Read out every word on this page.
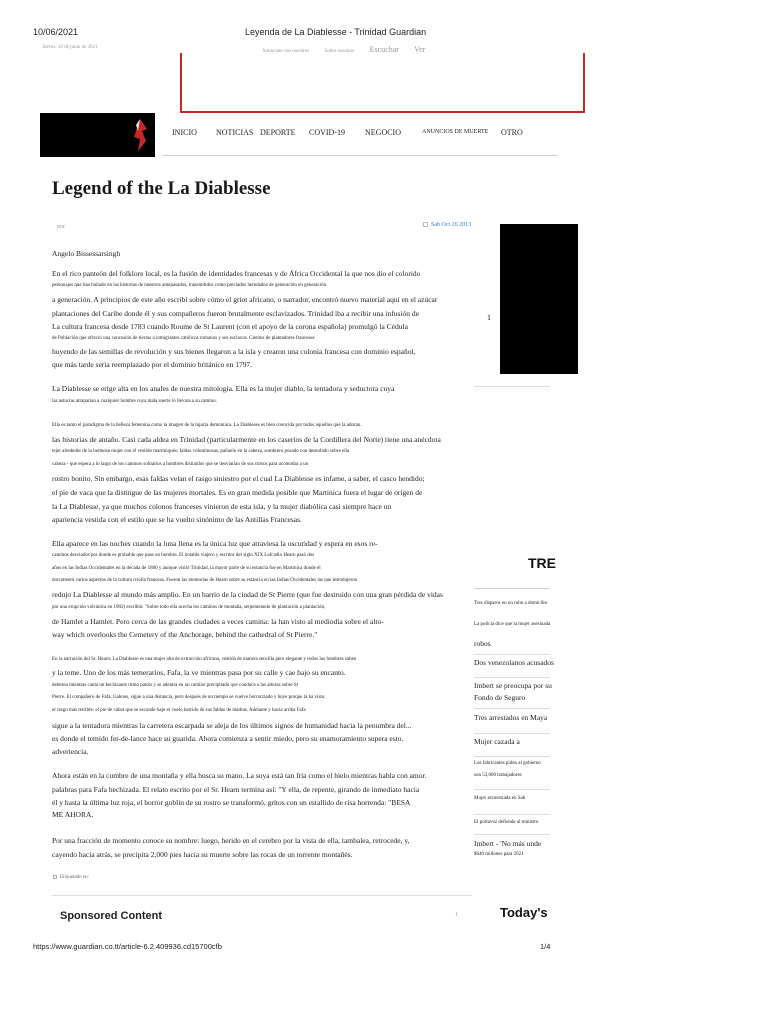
10/06/2021	Leyenda de La Diablesse - Trinidad Guardian
Jueves, 10 de junio de 2021
Anúnciate con nosotros	Sobre nosotros Escuchar Ver
INICIO NOTICIAS DEPORTE COVID-19	NEGOCIO	ANUNCIOS DE MUERTE OTRO
Legend of the La Diablesse
por	Sab Oct 26 2013
Angelo Bissessarsingh
En el rico panteón del folklore local, es la fusión de identidades francesas y de África Occidental la que nos dio el colorido
personajes que han bailado en las historias de nuestros antepasados, transmitidos como preciados heredados de generación en generación
a generación. A principios de este año escribí sobre cómo el griot africano, o narrador, encontró nuevo material aquí en el azúcar
plantaciones del Caribe donde él y sus compañeros fueron brutalmente esclavizados. Trinidad iba a recibir una infusión de
La cultura francesa desde 1783 cuando Roume de St Laurent (con el apoyo de la corona española) promulgó la Cédula
de Población que ofreció una concesión de tierras a inmigrantes católicos romanos y sus esclavos. Cientos de plantadores franceses
huyendo de las semillas de revolución y sus bienes llegaron a la isla y crearon una colonia francesa con dominio español,
que más tarde sería reemplazado por el dominio británico en 1797.
La Diablesse se erige alta en los anales de nuestra mitología. Ella es la mujer diablo, la tentadora y seductora cuya
las astucias atraparían a cualquier hombre cuya mala suerte lo llevara a su camino.
Ella es tanto el paradigma de la belleza femenina como la imagen de la lujuria demoníaca. La Diablesse es bien conocida por todos aquellos que la adoran.
las historias de antaño. Casi cada aldea en Trinidad (particularmente en los caseríos de la Cordillera del Norte) tiene una anécdota
tejer alrededor de la hermosa mujer con el vestido martiniqués: faldas voluminosas, pañuelo en la cabeza, sombrero posado con desenfado sobre ella
cabeza - que espera a lo largo de los caminos solitarios a hombres distraídos que se desviarían de sus cursos para acomodar a un
rostro bonito. Sin embargo, esas faldas velan el rasgo siniestro por el cual La Diablesse es infame, a saber, el casco hendido;
el pie de vaca que la distingue de las mujeres mortales. Es en gran medida posible que Martinica fuera el lugar de origen de
la La Diablesse, ya que muchos colonos franceses vinieron de esta isla, y la mujer diabólica casi siempre hace un
apariencia vestida con el estilo que se ha vuelto sinónimo de las Antillas Francesas.
Ella aparece en las noches cuando la luna llena es la única luz que atraviesa la oscuridad y espera en esos re-
caminos desviados por donde es probable que pase un hombre. El notable viajero y escritor del siglo XIX Lafcadio Hearn pasó dos
años en las Indias Occidentales en la década de 1880 y aunque visitó Trinidad, la mayor parte de su estancia fue en Martinica donde él
documentó varios aspectos de la cultura criolla francesa. Fueron las memorias de Hearn sobre su estancia en las Indias Occidentales las que introdujeron
redujo La Diablesse al mundo más amplio. En un barrio de la ciudad de St Pierre (que fue destruido con una gran pérdida de vidas
por una erupción volcánica en 1902) escribió: "Sobre todo ella acecha los caminos de montaña, serpenteando de plantación a plantación,
de Hamlet a Hamlet. Pero cerca de las grandes ciudades a veces camina: la han visto al mediodía sobre el alto-
way which overlooks the Cemetery of the Anchorage, behind the cathedral of St Pierre."
En la narración del Sr. Hearn, La Diablesse es una mujer alta de extracción africana, vestida de manera sencilla pero elegante y todos los hombres saben
y la teme. Uno de los más temerarios, Fafa, la ve mientras pasa por su calle y cae bajo su encanto.
deletrea mientras canta un hechizante ritmo patois y se adentra en un camino precipitado que conduce a las alturas sobre St
Pierre. El compañero de Fafa, Gabous, sigue a una distancia, pero después de un tiempo se vuelve horrorizado y huye porque la ha visto.
el rasgo más terrible: el pie de cabra que se esconde bajo el vuelo barrido de sus faldas de madras. Adelante y hacia arriba Fafa
sigue a la tentadora mientras la carretera escarpada se aleja de los últimos signos de humanidad hacia la penumbra del...
es donde el temido fer-de-lance hace su guarida. Ahora comienza a sentir miedo, pero su enamoramiento supera esto.
advertencia.
Ahora están en la cumbre de una montaña y ella busca su mano. La suya está tan fría como el hielo mientras habla con amor.
palabras para Fafa hechizada. El relato escrito por el Sr. Hearn termina así: "Y ella, de repente, girando de inmediato hacia
él y hasta la última luz roja, el horror goblin de su rostro se transformó, gritos con un estallido de risa horrenda: "BESA
ME AHORA.
Por una fracción de momento conoce su nombre: luego, herido en el cerebro por la vista de ella, tambalea, retrocede, y,
cayendo hacia atrás, se precipita 2,000 pies hacia su muerte sobre las rocas de un torrente montañés.
Etiquetado en:
Sponsored Content	1
1
TRE
Tres disparos en un robo a domicilio
La policía dice que la mujer asesinada
robos
Dos venezolanos acusados
Imbert se preocupa por su
Fondo de Seguro
Tres arrestados en Maya
Mujer cazada a
Los fabricantes piden al gobierno
son 53,000 trabajadores
Mujer secuestrada en Sab
El portavoz defiende al ministro
Imbert - 'No más unde
$640 millones para 2021
Today's
https://www.guardian.co.tt/article-6.2.409936.cd15700cfb	1/4
